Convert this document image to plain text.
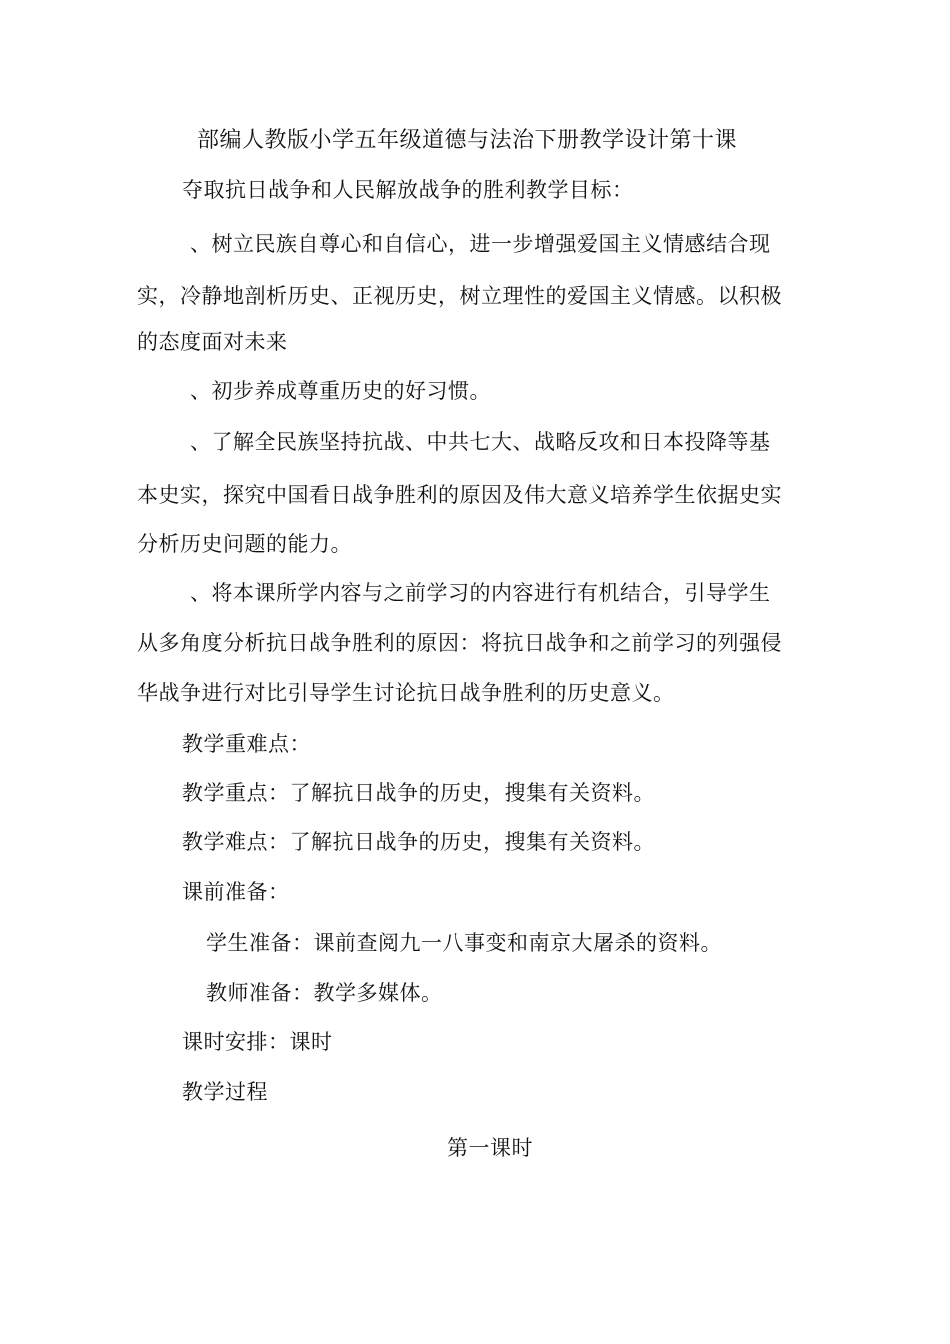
部编人教版小学五年级道德与法治下册教学设计第十课
夺取抗日战争和人民解放战争的胜利教学目标：
、树立民族自尊心和自信心，进一步增强爱国主义情感结合现
实，冷静地剖析历史、正视历史，树立理性的爱国主义情感。以积极
的态度面对未来
、初步养成尊重历史的好习惯。
、了解全民族坚持抗战、中共七大、战略反攻和日本投降等基
本史实，探究中国看日战争胜利的原因及伟大意义培养学生依据史实
分析历史问题的能力。
、将本课所学内容与之前学习的内容进行有机结合，引导学生
从多角度分析抗日战争胜利的原因：将抗日战争和之前学习的列强侵
华战争进行对比引导学生讨论抗日战争胜利的历史意义。
教学重难点：
教学重点：了解抗日战争的历史，搜集有关资料。
教学难点：了解抗日战争的历史，搜集有关资料。
课前准备：
学生准备：课前查阅九一八事变和南京大屠杀的资料。
教师准备：教学多媒体。
课时安排：课时
教学过程
第一课时
